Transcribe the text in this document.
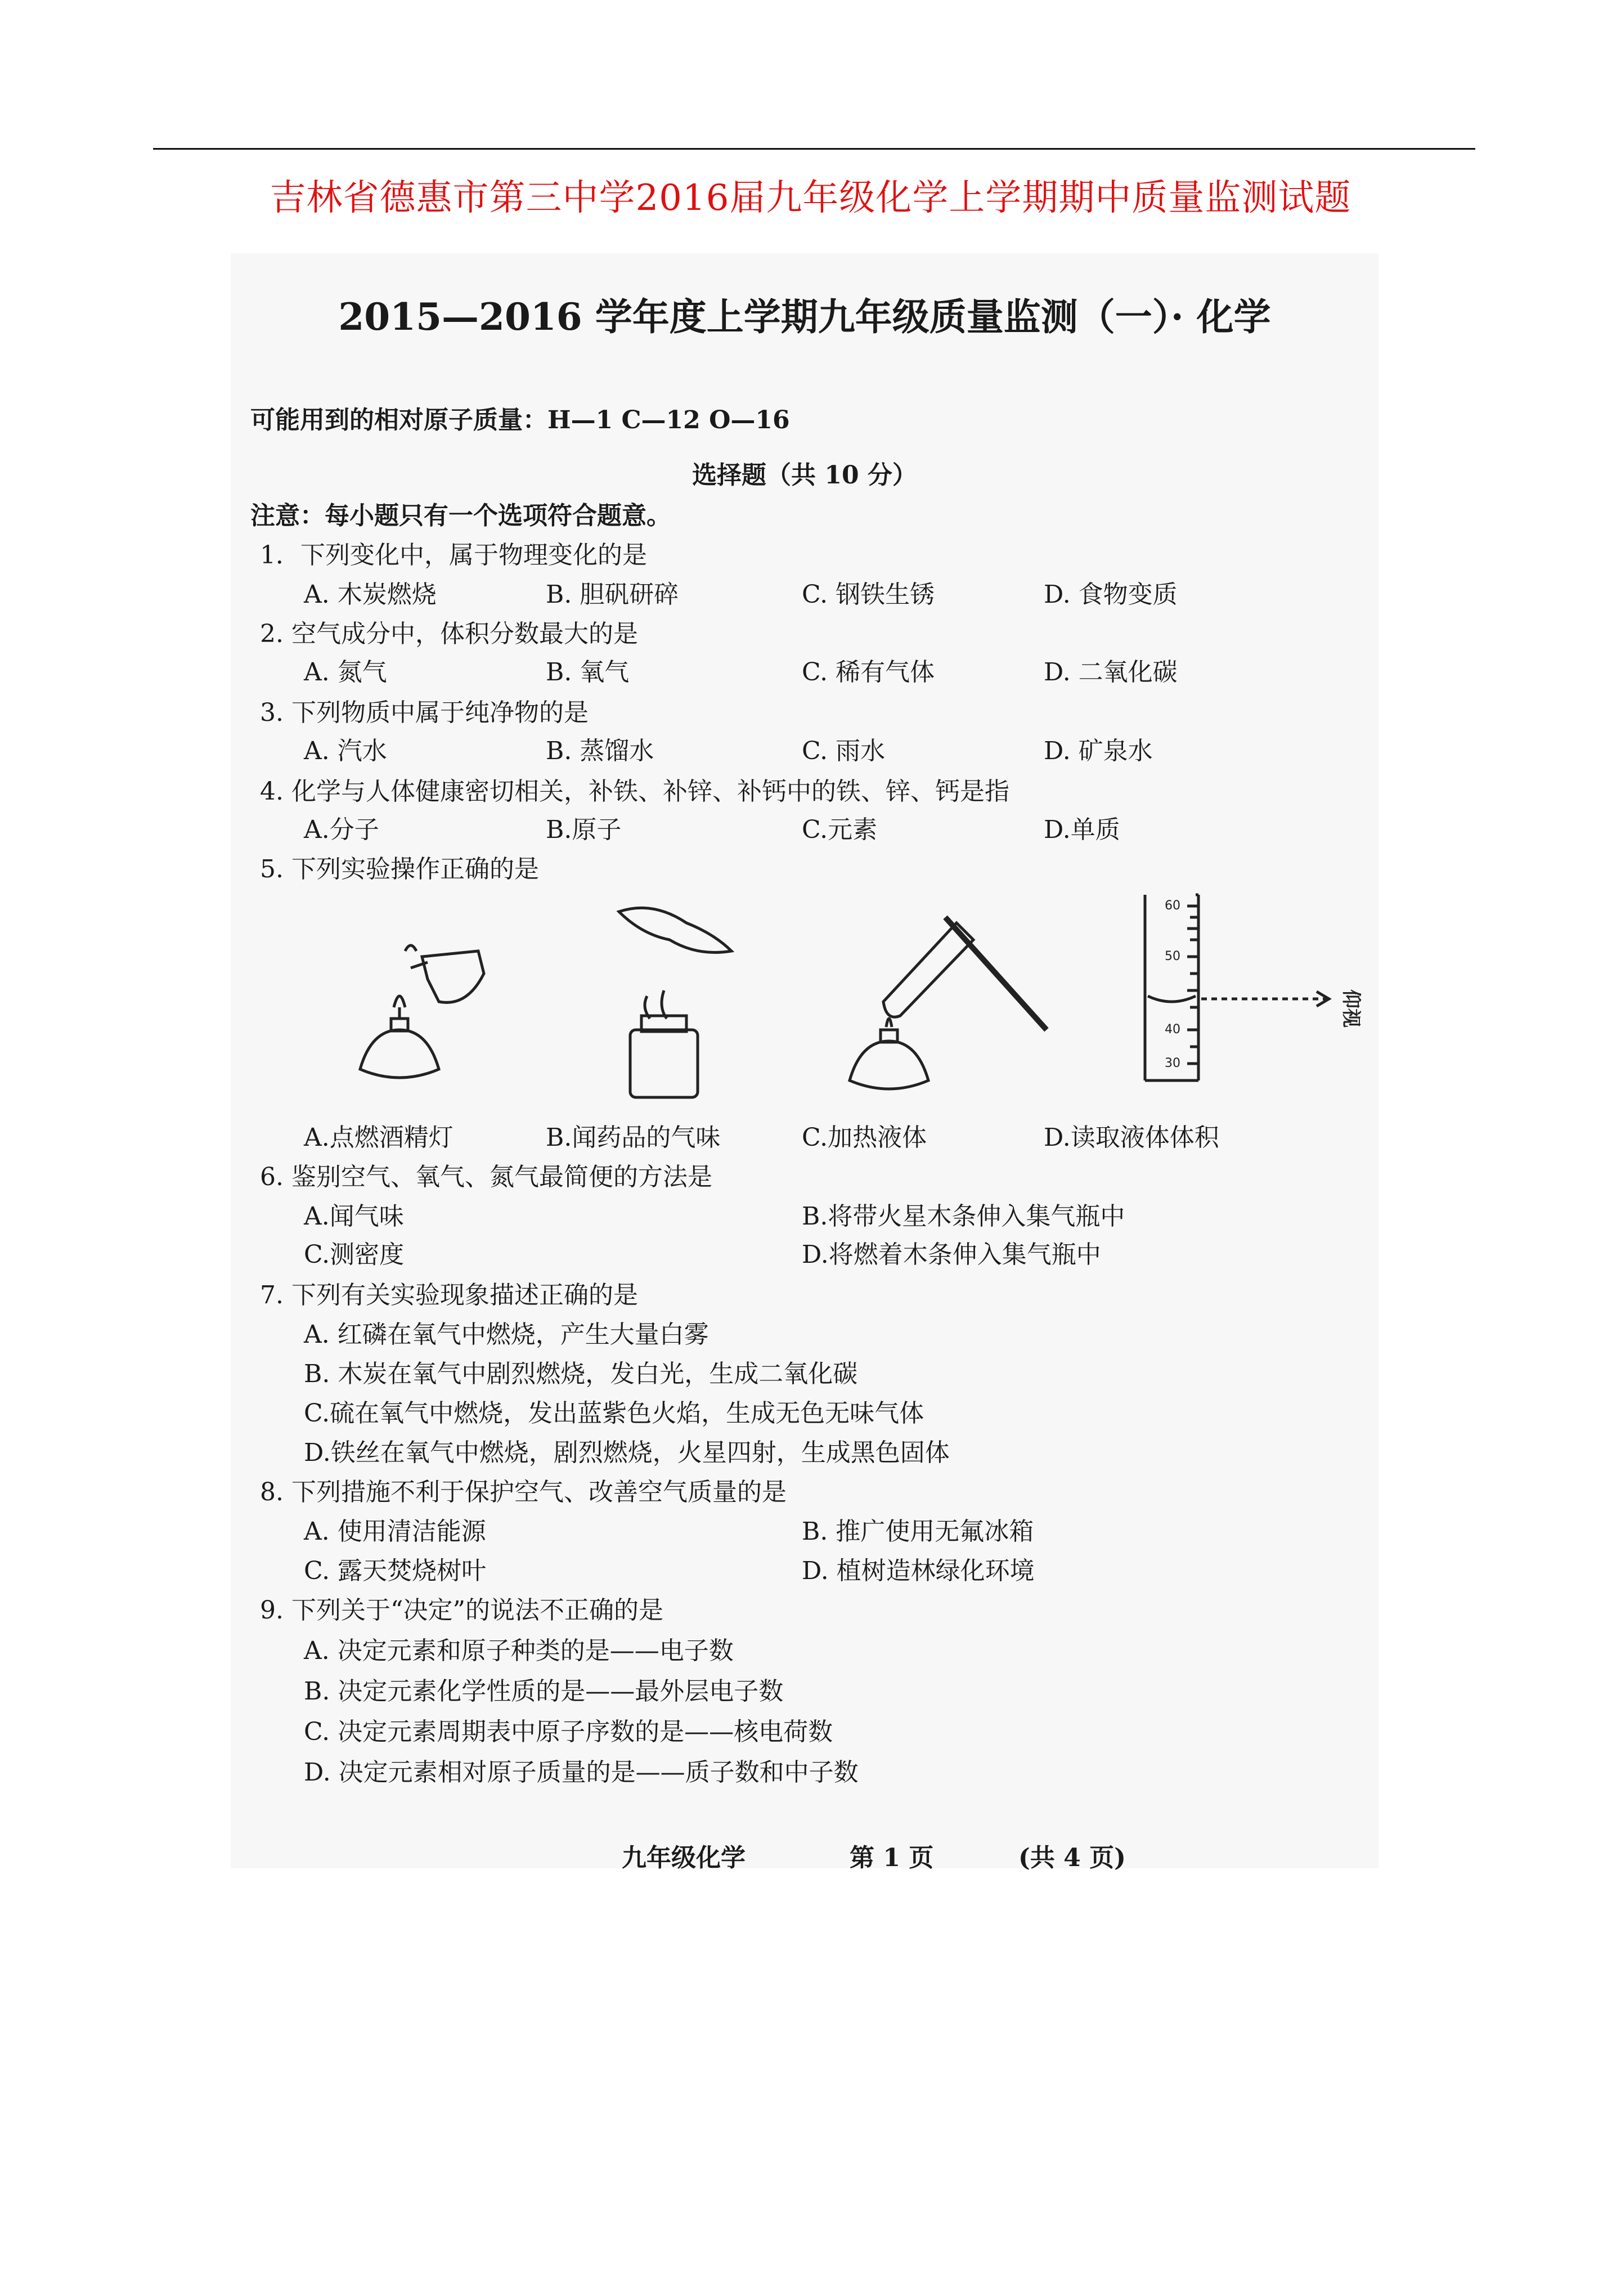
吉林省德惠市第三中学2016届九年级化学上学期期中质量监测试题
2015—2016 学年度上学期九年级质量监测（一）· 化学
可能用到的相对原子质量：H—1 C—12 O—16
选择题（共 10 分）
注意：每小题只有一个选项符合题意。
1．下列变化中，属于物理变化的是
A. 木炭燃烧	B. 胆矾研碎	C. 钢铁生锈	D. 食物变质
2. 空气成分中，体积分数最大的是
A. 氮气	B. 氧气	C. 稀有气体	D. 二氧化碳
3. 下列物质中属于纯净物的是
A. 汽水	B. 蒸馏水	C. 雨水	D. 矿泉水
4. 化学与人体健康密切相关，补铁、补锌、补钙中的铁、锌、钙是指
A.分子	B.原子	C.元素	D.单质
5. 下列实验操作正确的是
60
50
40
30
仰视
A.点燃酒精灯	B.闻药品的气味	C.加热液体	D.读取液体体积
6. 鉴别空气、氧气、氮气最简便的方法是
A.闻气味	B.将带火星木条伸入集气瓶中
C.测密度	D.将燃着木条伸入集气瓶中
7. 下列有关实验现象描述正确的是
A. 红磷在氧气中燃烧，产生大量白雾
B. 木炭在氧气中剧烈燃烧，发白光，生成二氧化碳
C.硫在氧气中燃烧，发出蓝紫色火焰，生成无色无味气体
D.铁丝在氧气中燃烧，剧烈燃烧，火星四射，生成黑色固体
8. 下列措施不利于保护空气、改善空气质量的是
A. 使用清洁能源	B. 推广使用无氟冰箱
C. 露天焚烧树叶	D. 植树造林绿化环境
9. 下列关于“决定”的说法不正确的是
A. 决定元素和原子种类的是——电子数
B. 决定元素化学性质的是——最外层电子数
C. 决定元素周期表中原子序数的是——核电荷数
D. 决定元素相对原子质量的是——质子数和中子数
九年级化学	第 1 页	(共 4 页)
